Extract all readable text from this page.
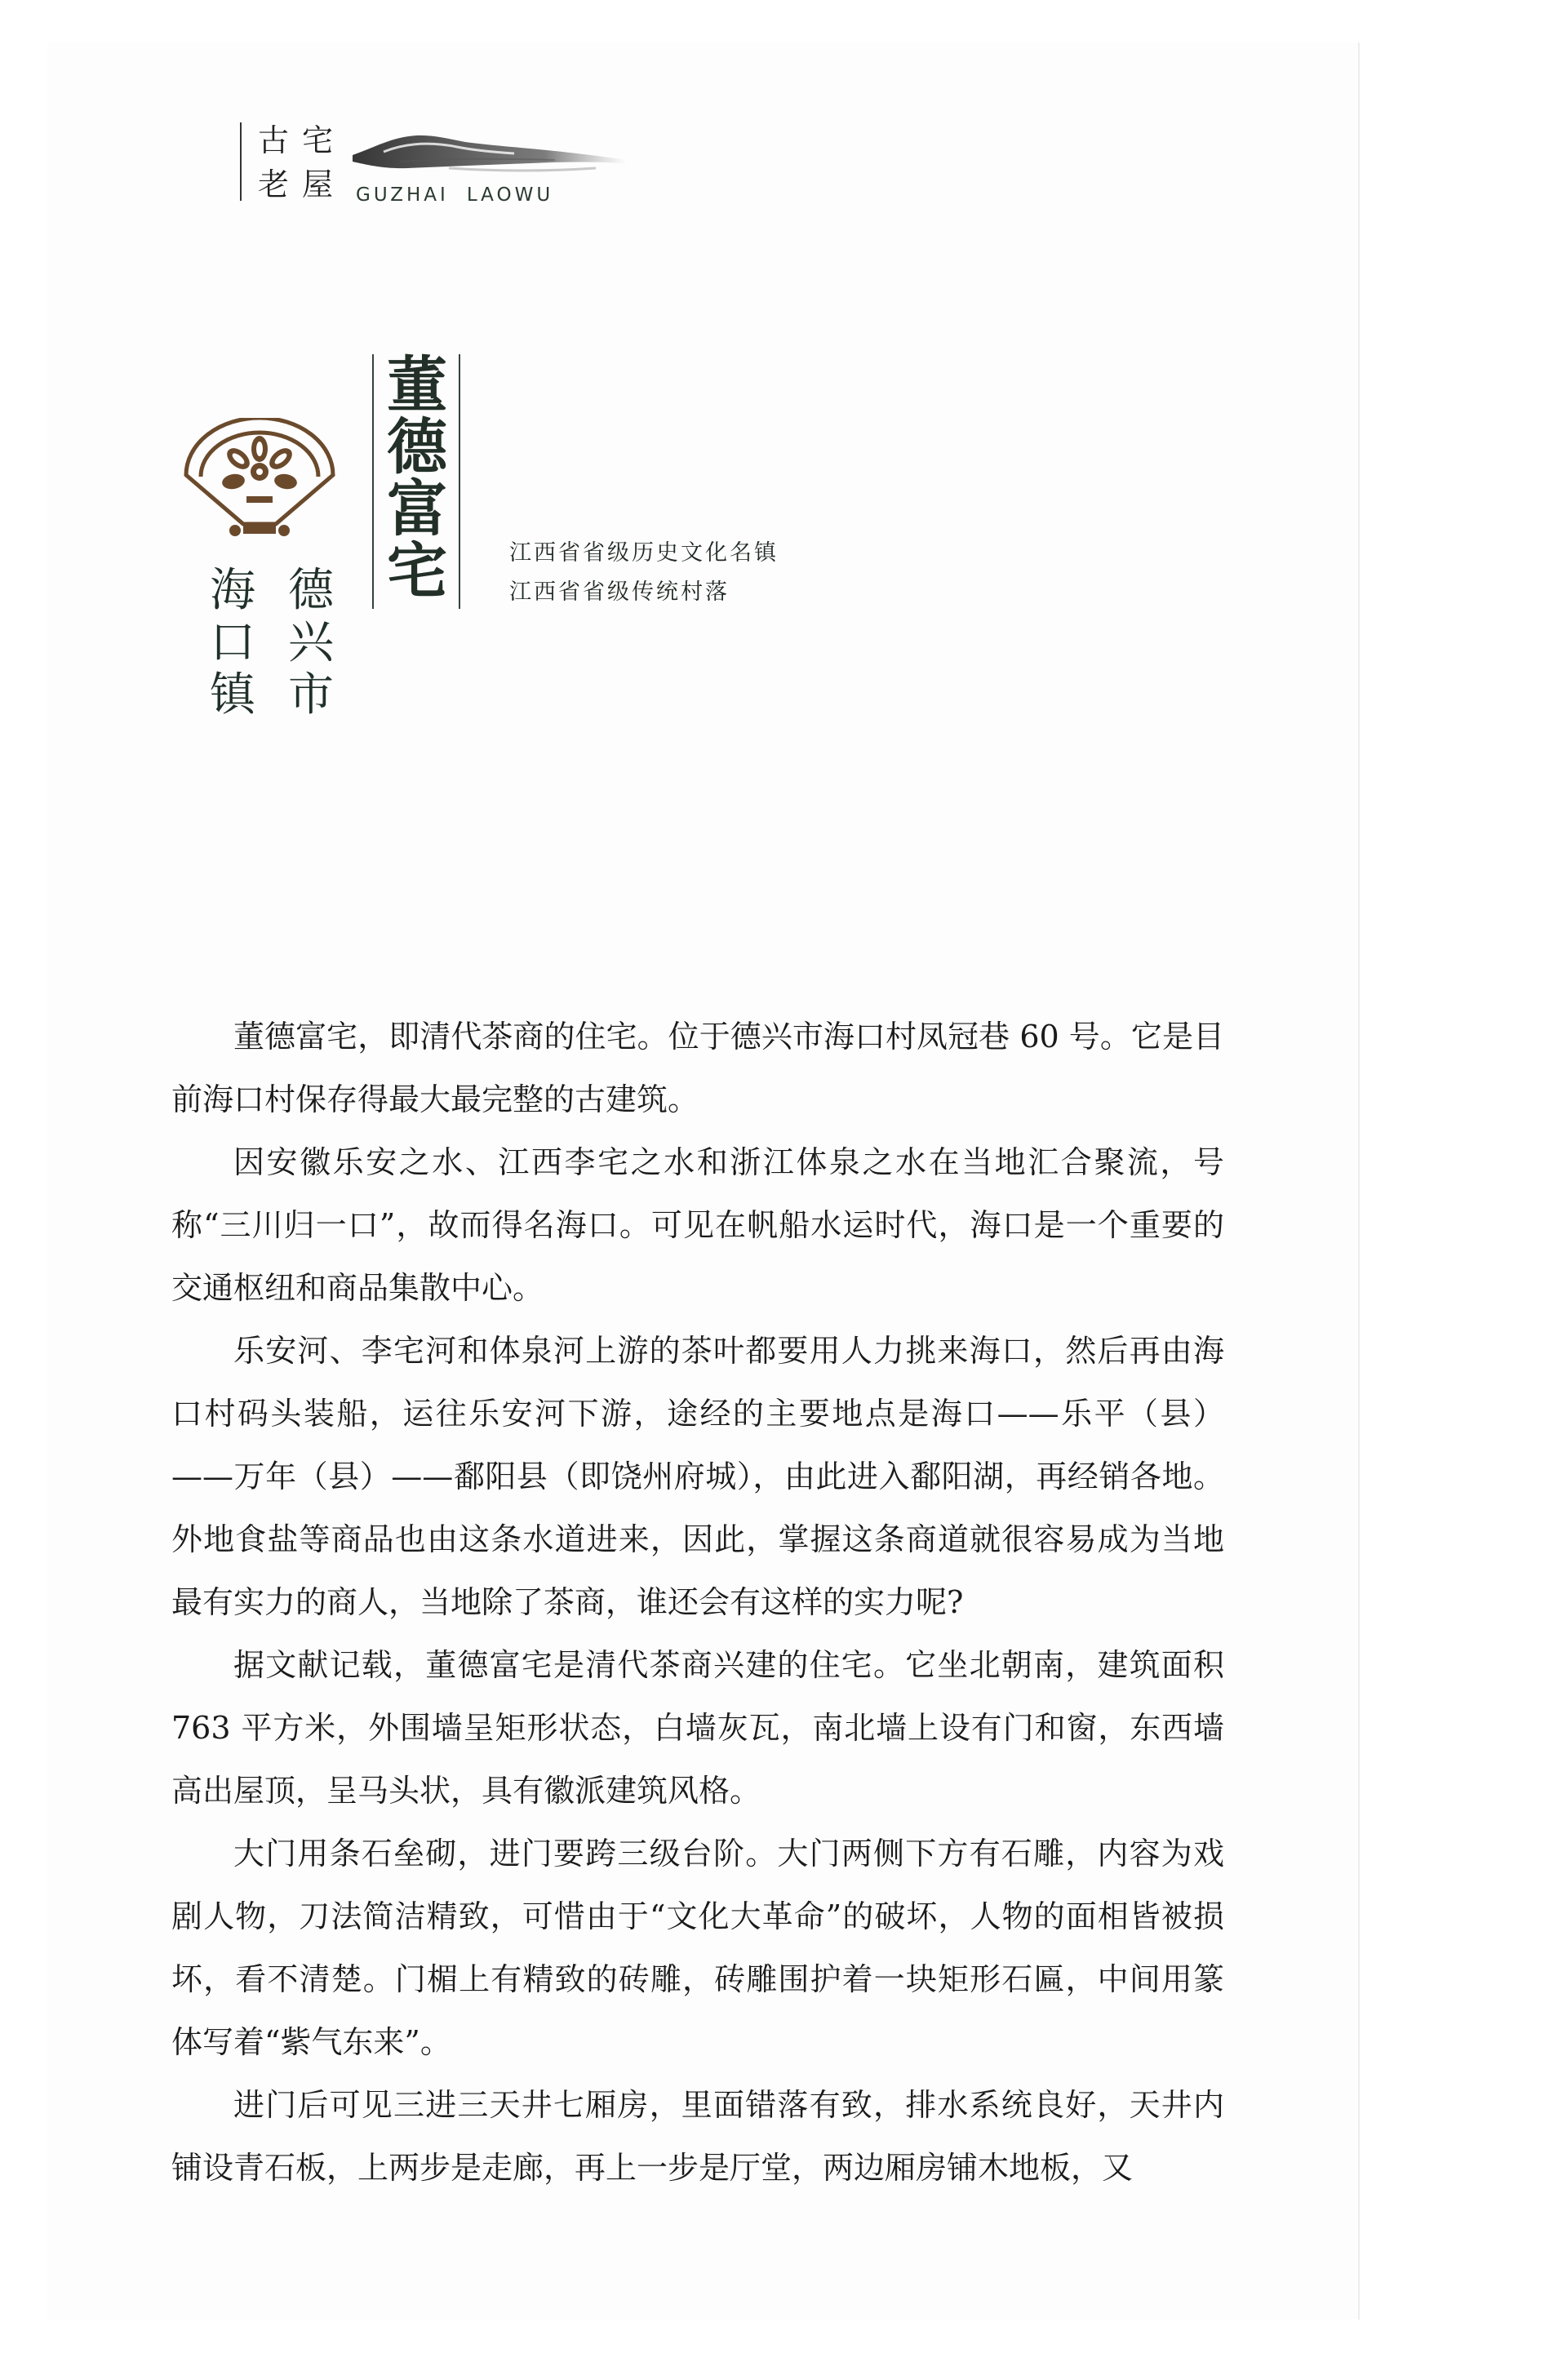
古 宅
老 屋	GUZHAI LAOWU
德
兴
市
海
口
镇
董
德
富
宅	江西省省级历史文化名镇
江西省省级传统村落

董德富宅，即清代茶商的住宅。位于德兴市海口村凤冠巷 60 号。它是目前海口村保存得最大最完整的古建筑。

因安徽乐安之水、江西李宅之水和浙江体泉之水在当地汇合聚流，号称“三川归一口”，故而得名海口。可见在帆船水运时代，海口是一个重要的交通枢纽和商品集散中心。

乐安河、李宅河和体泉河上游的茶叶都要用人力挑来海口，然后再由海口村码头装船，运往乐安河下游，途经的主要地点是海口——乐平（县）——万年（县）——鄱阳县（即饶州府城），由此进入鄱阳湖，再经销各地。外地食盐等商品也由这条水道进来，因此，掌握这条商道就很容易成为当地最有实力的商人，当地除了茶商，谁还会有这样的实力呢?

据文献记载，董德富宅是清代茶商兴建的住宅。它坐北朝南，建筑面积 763 平方米，外围墙呈矩形状态，白墙灰瓦，南北墙上设有门和窗，东西墙高出屋顶，呈马头状，具有徽派建筑风格。

大门用条石垒砌，进门要跨三级台阶。大门两侧下方有石雕，内容为戏剧人物，刀法简洁精致，可惜由于“文化大革命”的破坏，人物的面相皆被损坏，看不清楚。门楣上有精致的砖雕，砖雕围护着一块矩形石匾，中间用篆体写着“紫气东来”。

进门后可见三进三天井七厢房，里面错落有致，排水系统良好，天井内铺设青石板，上两步是走廊，再上一步是厅堂，两边厢房铺木地板，又
